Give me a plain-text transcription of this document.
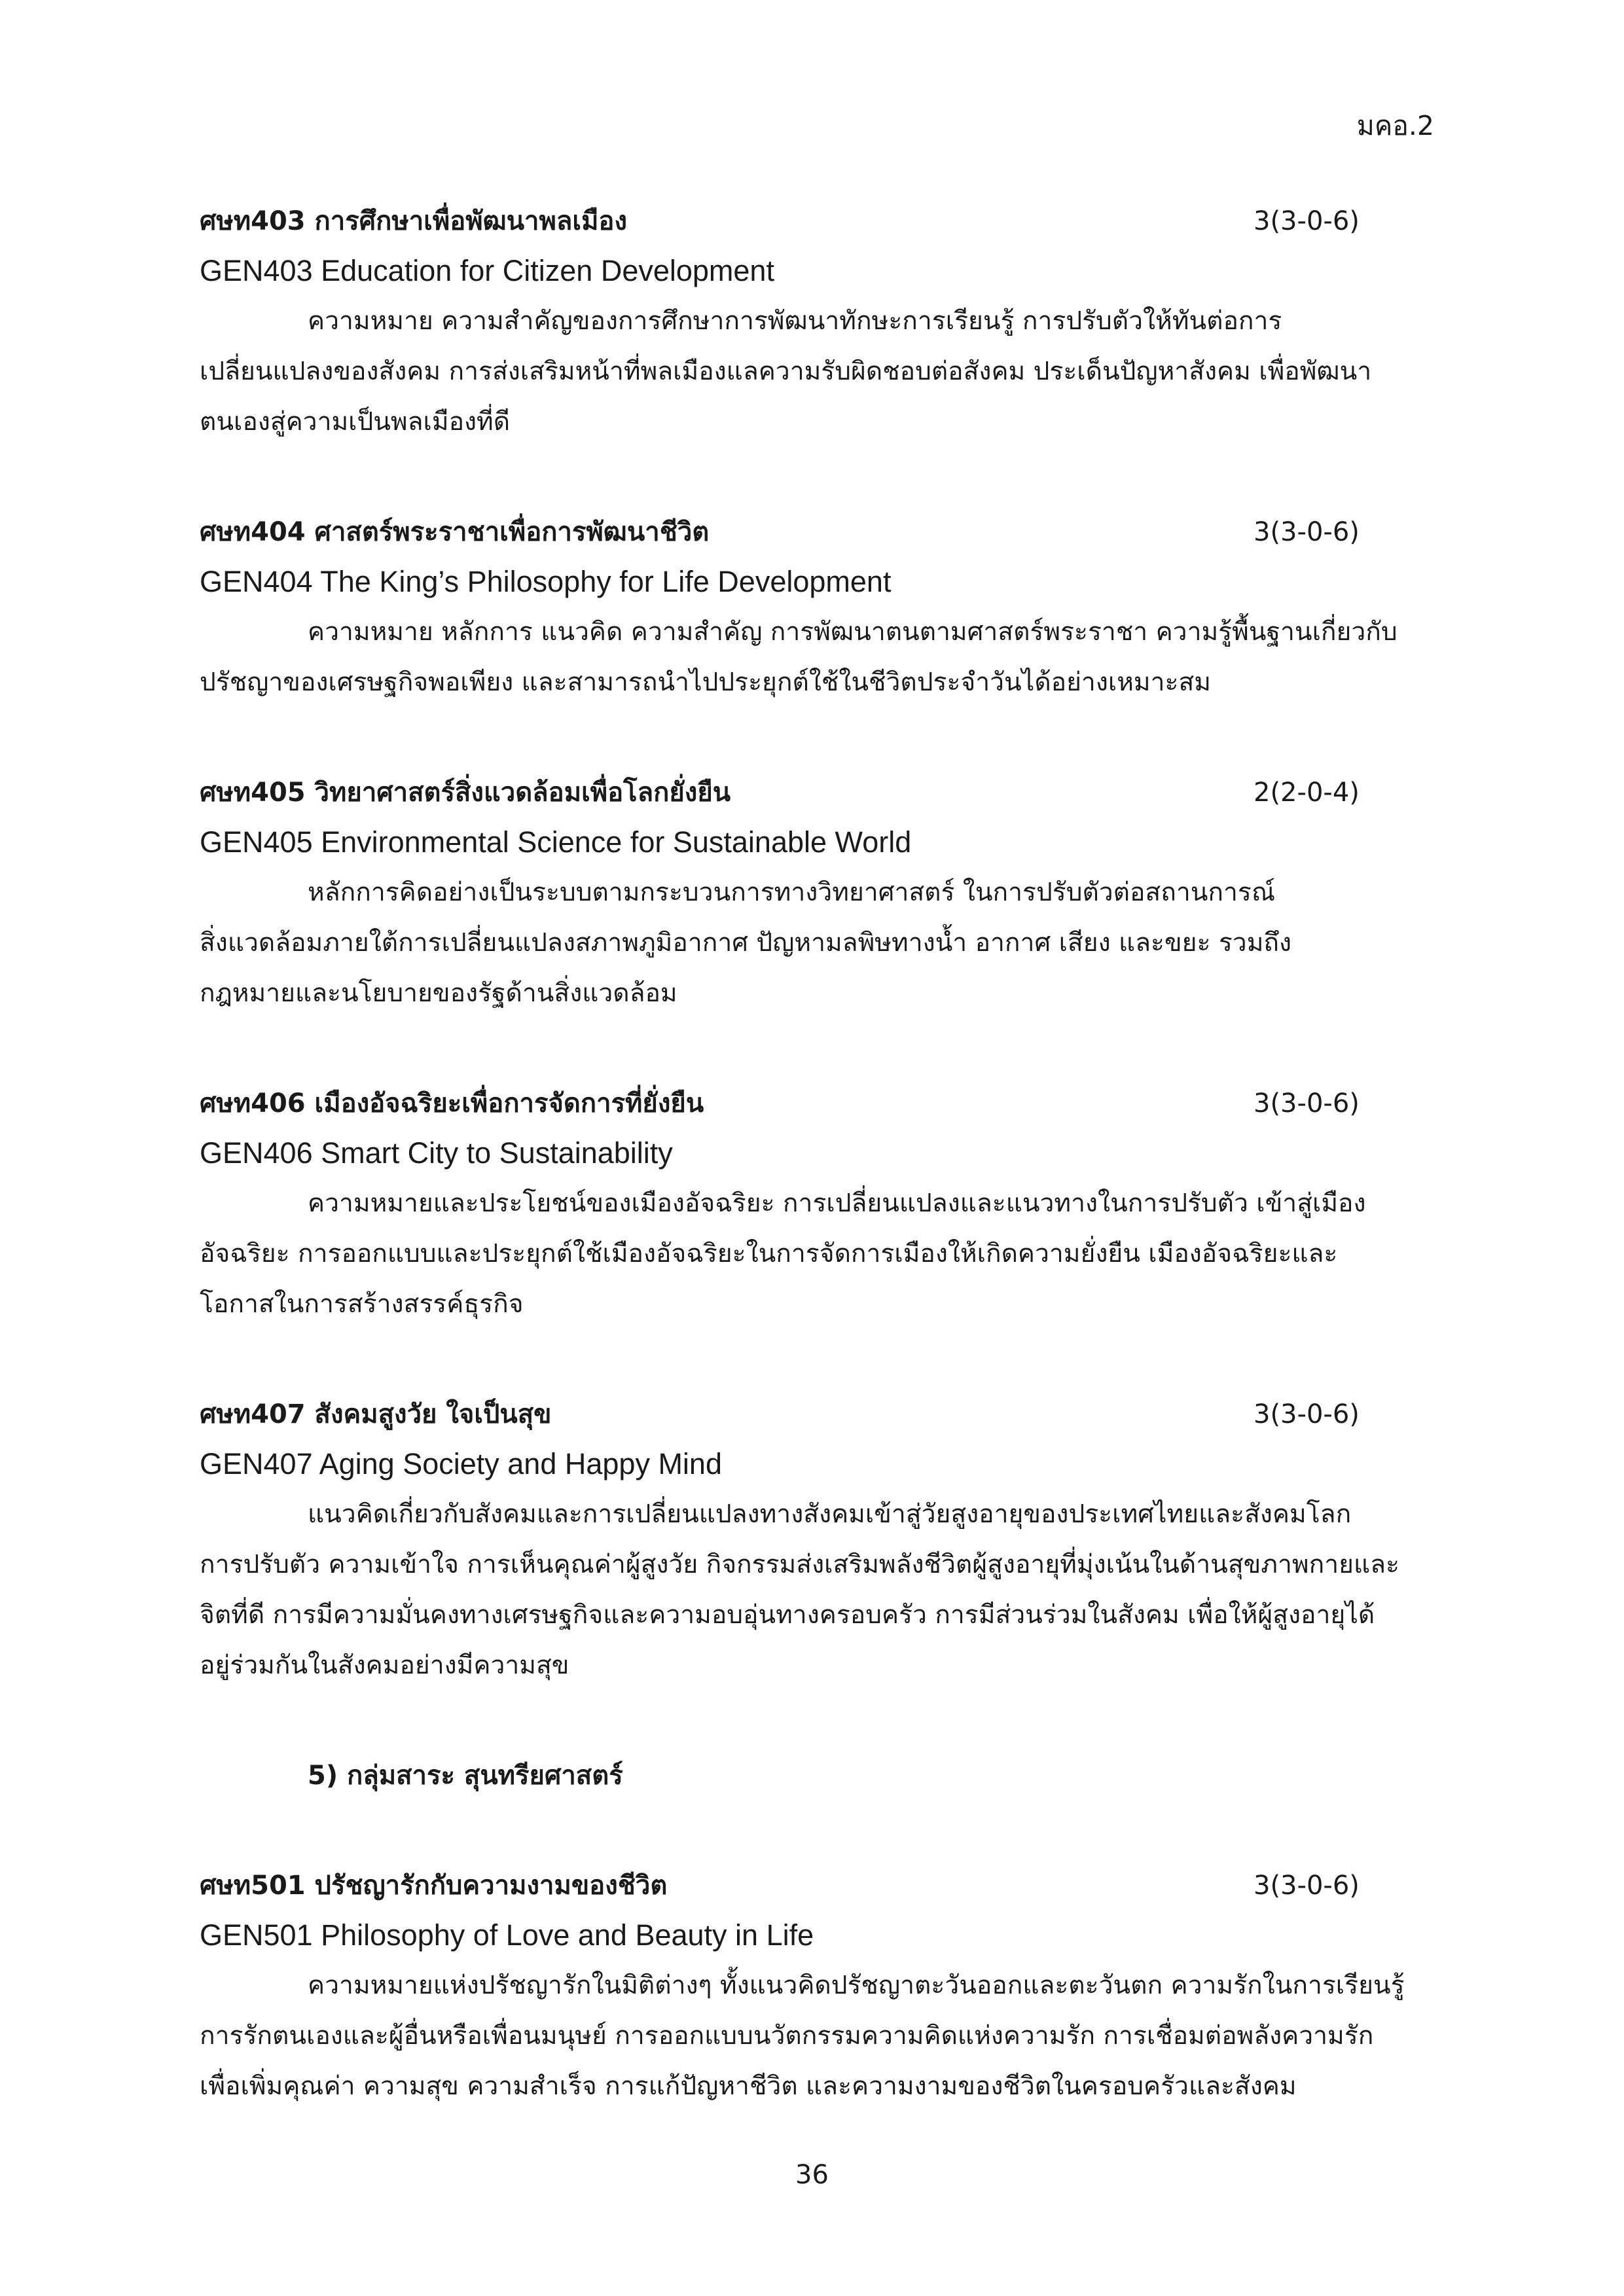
มคอ.2
ศษท403 การศึกษาเพื่อพัฒนาพลเมือง	3(3-0-6)
GEN403 Education for Citizen Development

ความหมาย ความสำคัญของการศึกษาการพัฒนาทักษะการเรียนรู้ การปรับตัวให้ทันต่อการ
เปลี่ยนแปลงของสังคม การส่งเสริมหน้าที่พลเมืองแลความรับผิดชอบต่อสังคม ประเด็นปัญหาสังคม เพื่อพัฒนา
ตนเองสู่ความเป็นพลเมืองที่ดี

ศษท404 ศาสตร์พระราชาเพื่อการพัฒนาชีวิต	3(3-0-6)
GEN404 The King’s Philosophy for Life Development

ความหมาย หลักการ แนวคิด ความสำคัญ การพัฒนาตนตามศาสตร์พระราชา ความรู้พื้นฐานเกี่ยวกับ
ปรัชญาของเศรษฐกิจพอเพียง และสามารถนำไปประยุกต์ใช้ในชีวิตประจำวันได้อย่างเหมาะสม

ศษท405 วิทยาศาสตร์สิ่งแวดล้อมเพื่อโลกยั่งยืน	2(2-0-4)
GEN405 Environmental Science for Sustainable World

หลักการคิดอย่างเป็นระบบตามกระบวนการทางวิทยาศาสตร์ ในการปรับตัวต่อสถานการณ์
สิ่งแวดล้อมภายใต้การเปลี่ยนแปลงสภาพภูมิอากาศ ปัญหามลพิษทางน้ำ อากาศ เสียง และขยะ รวมถึง
กฎหมายและนโยบายของรัฐด้านสิ่งแวดล้อม

ศษท406 เมืองอัจฉริยะเพื่อการจัดการที่ยั่งยืน	3(3-0-6)
GEN406 Smart City to Sustainability

ความหมายและประโยชน์ของเมืองอัจฉริยะ การเปลี่ยนแปลงและแนวทางในการปรับตัว เข้าสู่เมือง
อัจฉริยะ การออกแบบและประยุกต์ใช้เมืองอัจฉริยะในการจัดการเมืองให้เกิดความยั่งยืน เมืองอัจฉริยะและ
โอกาสในการสร้างสรรค์ธุรกิจ

ศษท407 สังคมสูงวัย ใจเป็นสุข	3(3-0-6)
GEN407 Aging Society and Happy Mind

แนวคิดเกี่ยวกับสังคมและการเปลี่ยนแปลงทางสังคมเข้าสู่วัยสูงอายุของประเทศไทยและสังคมโลก
การปรับตัว ความเข้าใจ การเห็นคุณค่าผู้สูงวัย กิจกรรมส่งเสริมพลังชีวิตผู้สูงอายุที่มุ่งเน้นในด้านสุขภาพกายและ
จิตที่ดี การมีความมั่นคงทางเศรษฐกิจและความอบอุ่นทางครอบครัว การมีส่วนร่วมในสังคม เพื่อให้ผู้สูงอายุได้
อยู่ร่วมกันในสังคมอย่างมีความสุข

5) กลุ่มสาระ สุนทรียศาสตร์
ศษท501 ปรัชญารักกับความงามของชีวิต	3(3-0-6)
GEN501 Philosophy of Love and Beauty in Life

ความหมายแห่งปรัชญารักในมิติต่างๆ ทั้งแนวคิดปรัชญาตะวันออกและตะวันตก ความรักในการเรียนรู้
การรักตนเองและผู้อื่นหรือเพื่อนมนุษย์ การออกแบบนวัตกรรมความคิดแห่งความรัก การเชื่อมต่อพลังความรัก
เพื่อเพิ่มคุณค่า ความสุข ความสำเร็จ การแก้ปัญหาชีวิต และความงามของชีวิตในครอบครัวและสังคม

36
